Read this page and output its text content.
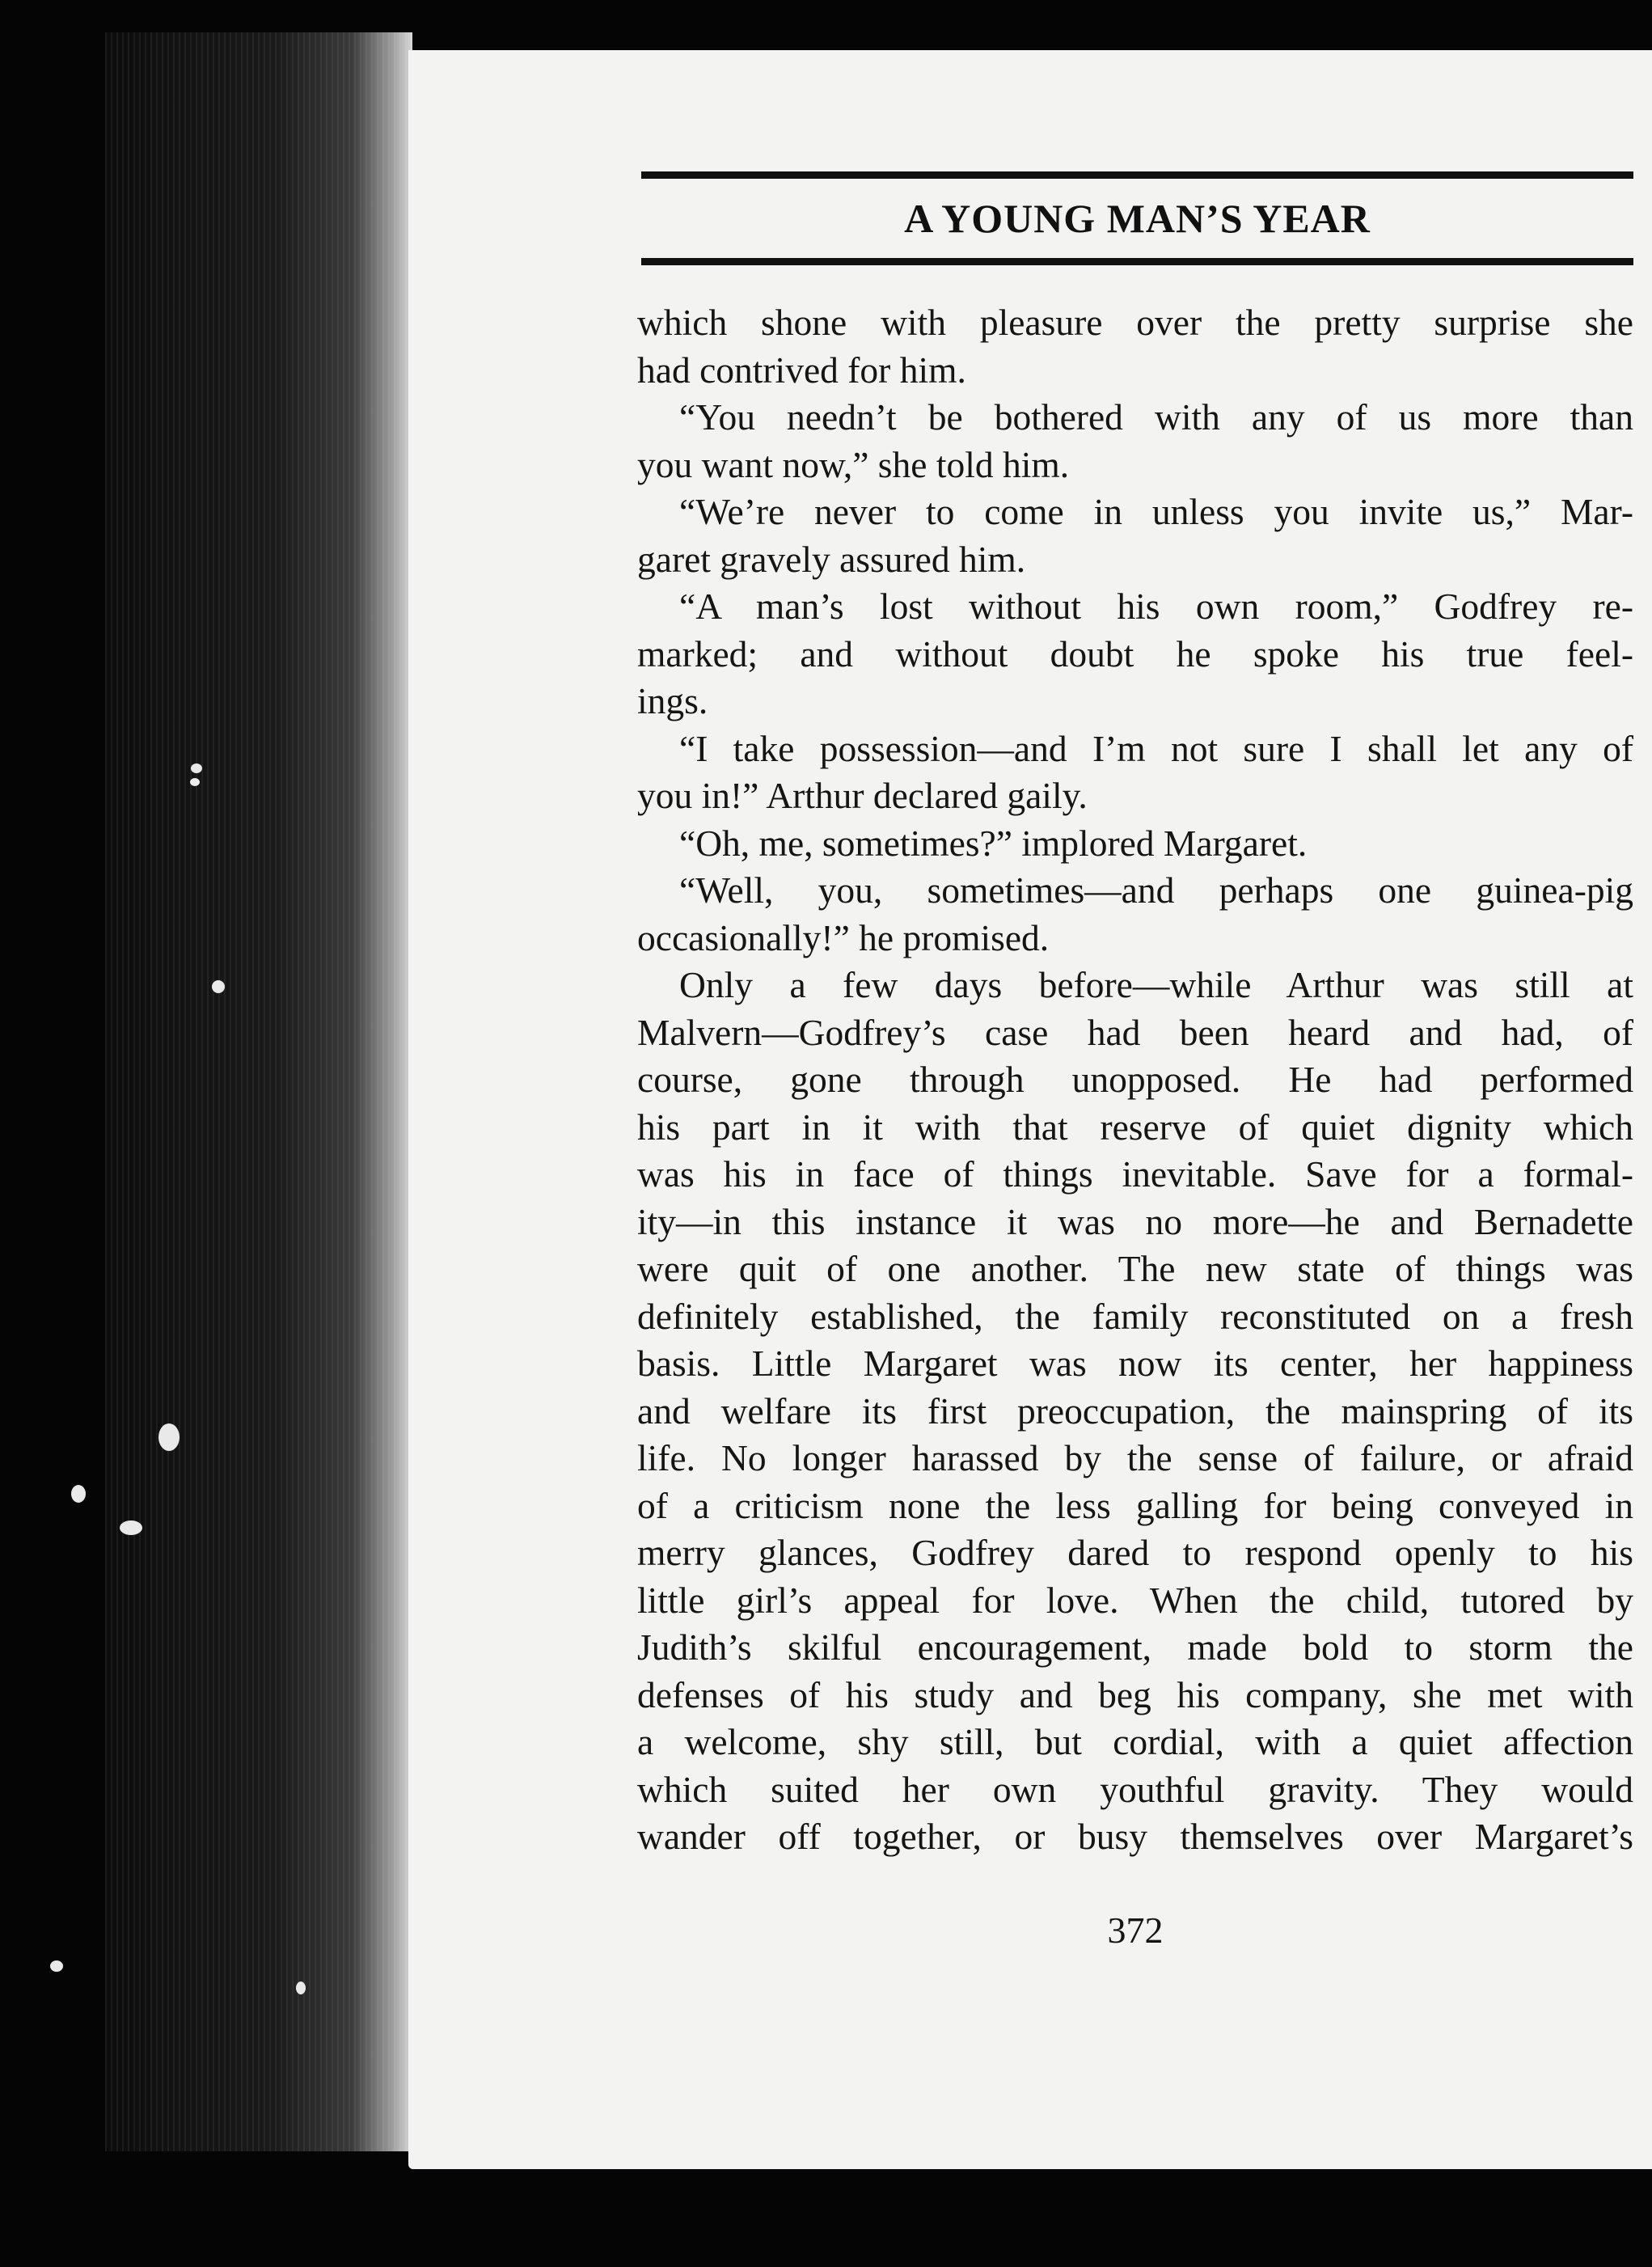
A YOUNG MAN’S YEAR
which shone with pleasure over the pretty surprise she
had contrived for him.
“You needn’t be bothered with any of us more than
you want now,” she told him.
“We’re never to come in unless you invite us,” Mar-
garet gravely assured him.
“A man’s lost without his own room,” Godfrey re-
marked; and without doubt he spoke his true feel-
ings.
“I take possession—and I’m not sure I shall let any of
you in!” Arthur declared gaily.
“Oh, me, sometimes?” implored Margaret.
“Well, you, sometimes—and perhaps one guinea-pig
occasionally!” he promised.
Only a few days before—while Arthur was still at
Malvern—Godfrey’s case had been heard and had, of
course, gone through unopposed. He had performed
his part in it with that reserve of quiet dignity which
was his in face of things inevitable. Save for a formal-
ity—in this instance it was no more—he and Bernadette
were quit of one another. The new state of things was
definitely established, the family reconstituted on a fresh
basis. Little Margaret was now its center, her happiness
and welfare its first preoccupation, the mainspring of its
life. No longer harassed by the sense of failure, or afraid
of a criticism none the less galling for being conveyed in
merry glances, Godfrey dared to respond openly to his
little girl’s appeal for love. When the child, tutored by
Judith’s skilful encouragement, made bold to storm the
defenses of his study and beg his company, she met with
a welcome, shy still, but cordial, with a quiet affection
which suited her own youthful gravity. They would
wander off together, or busy themselves over Margaret’s
372
